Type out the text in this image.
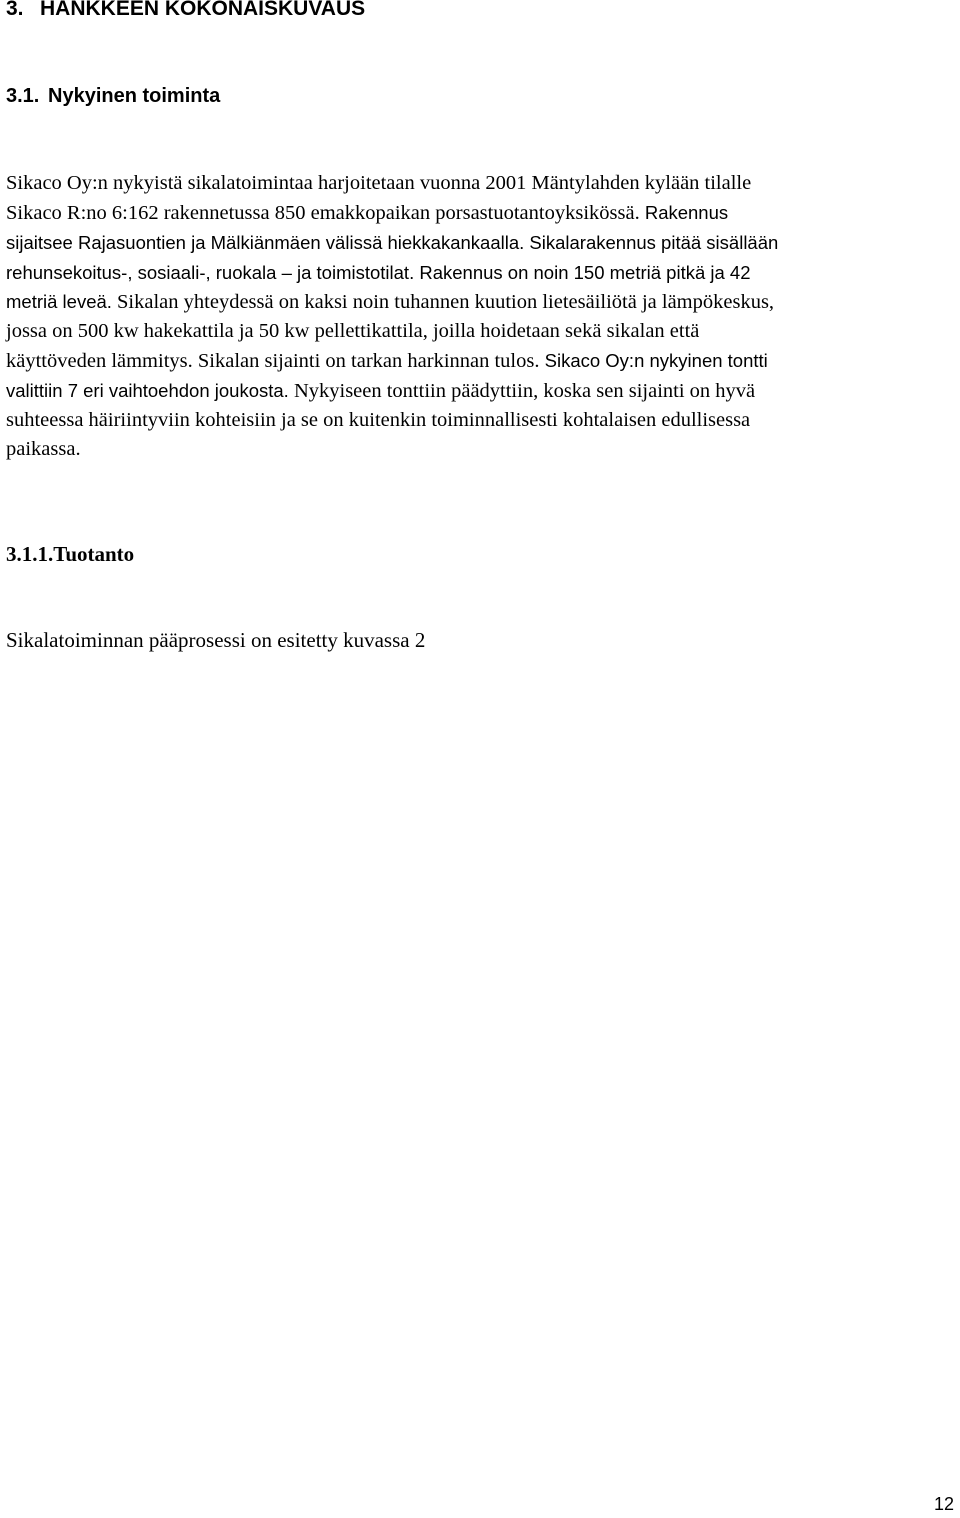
3. HANKKEEN KOKONAISKUVAUS
3.1. Nykyinen toiminta
Sikaco Oy:n nykyistä sikalatoimintaa harjoitetaan vuonna 2001 Mäntylahden kylään tilalle
Sikaco R:no 6:162 rakennetussa 850 emakkopaikan porsastuotantoyksikössä. Rakennus
sijaitsee Rajasuontien ja Mälkiänmäen välissä hiekkakankaalla. Sikalarakennus pitää sisällään
rehunsekoitus-, sosiaali-, ruokala – ja toimistotilat. Rakennus on noin 150 metriä pitkä ja 42
metriä leveä. Sikalan yhteydessä on kaksi noin tuhannen kuution lietesäiliötä ja lämpökeskus,
jossa on 500 kw hakekattila ja 50 kw pellettikattila, joilla hoidetaan sekä sikalan että
käyttöveden lämmitys. Sikalan sijainti on tarkan harkinnan tulos. Sikaco Oy:n nykyinen tontti
valittiin 7 eri vaihtoehdon joukosta. Nykyiseen tonttiin päädyttiin, koska sen sijainti on hyvä
suhteessa häiriintyviin kohteisiin ja se on kuitenkin toiminnallisesti kohtalaisen edullisessa
paikassa.
3.1.1.Tuotanto

Sikalatoiminnan pääprosessi on esitetty kuvassa 2

12
